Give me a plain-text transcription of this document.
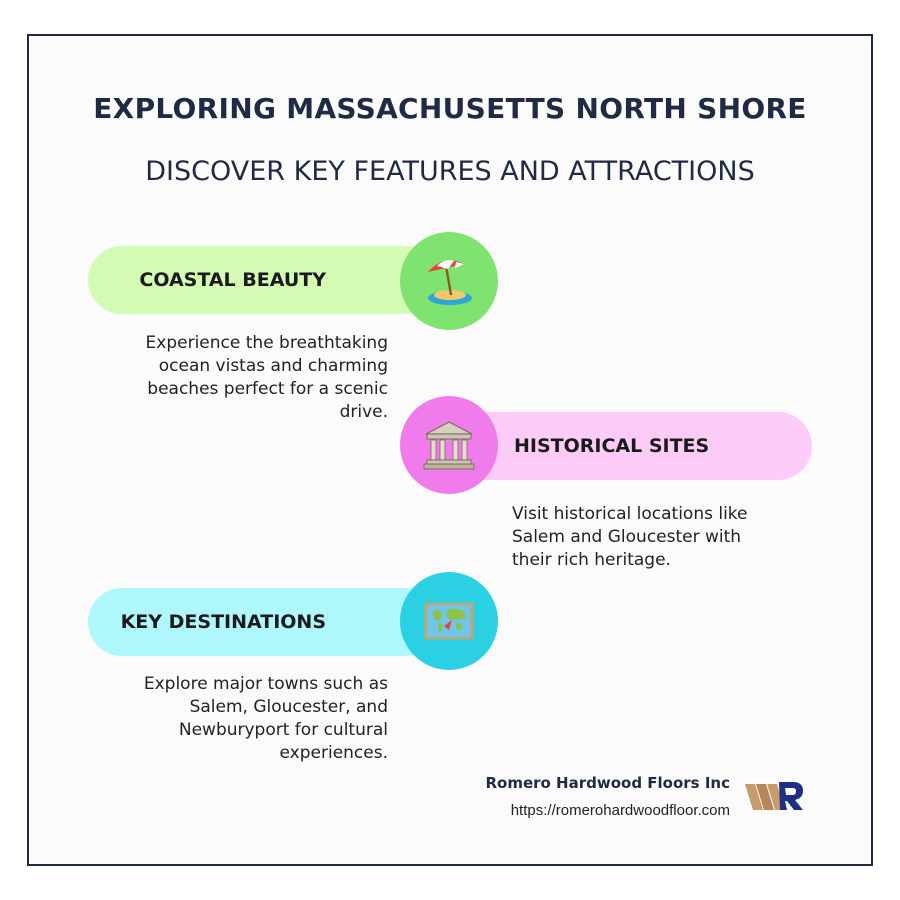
EXPLORING MASSACHUSETTS NORTH SHORE
DISCOVER KEY FEATURES AND ATTRACTIONS
COASTAL BEAUTY
Experience the breathtaking
ocean vistas and charming
beaches perfect for a scenic
drive.
HISTORICAL SITES
Visit historical locations like
Salem and Gloucester with
their rich heritage.
KEY DESTINATIONS
Explore major towns such as
Salem, Gloucester, and
Newburyport for cultural
experiences.
Romero Hardwood Floors Inc
https://romerohardwoodfloor.com
